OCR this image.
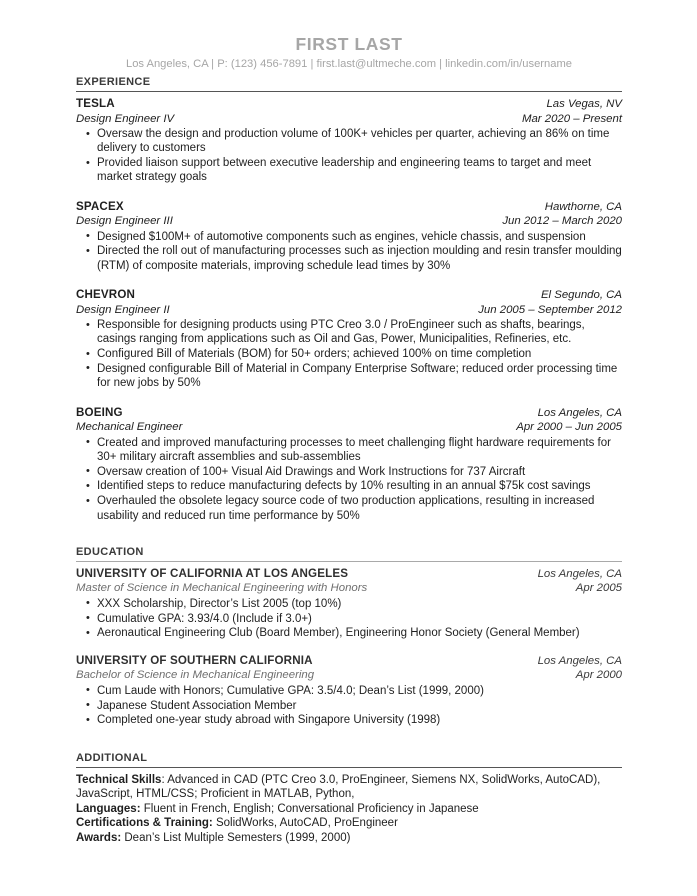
FIRST LAST
Los Angeles, CA | P: (123) 456-7891 | first.last@ultmeche.com | linkedin.com/in/username
EXPERIENCE
TESLA	Las Vegas, NV
Design Engineer IV	Mar 2020 – Present
• Oversaw the design and production volume of 100K+ vehicles per quarter, achieving an 86% on time delivery to customers
• Provided liaison support between executive leadership and engineering teams to target and meet market strategy goals
SPACEX	Hawthorne, CA
Design Engineer III	Jun 2012 – March 2020
• Designed $100M+ of automotive components such as engines, vehicle chassis, and suspension
• Directed the roll out of manufacturing processes such as injection moulding and resin transfer moulding (RTM) of composite materials, improving schedule lead times by 30%
CHEVRON	El Segundo, CA
Design Engineer II	Jun 2005 – September 2012
• Responsible for designing products using PTC Creo 3.0 / ProEngineer such as shafts, bearings, casings ranging from applications such as Oil and Gas, Power, Municipalities, Refineries, etc.
• Configured Bill of Materials (BOM) for 50+ orders; achieved 100% on time completion
• Designed configurable Bill of Material in Company Enterprise Software; reduced order processing time for new jobs by 50%
BOEING	Los Angeles, CA
Mechanical Engineer	Apr 2000 – Jun 2005
• Created and improved manufacturing processes to meet challenging flight hardware requirements for 30+ military aircraft assemblies and sub-assemblies
• Oversaw creation of 100+ Visual Aid Drawings and Work Instructions for 737 Aircraft
• Identified steps to reduce manufacturing defects by 10% resulting in an annual $75k cost savings
• Overhauled the obsolete legacy source code of two production applications, resulting in increased usability and reduced run time performance by 50%
EDUCATION
UNIVERSITY OF CALIFORNIA AT LOS ANGELES	Los Angeles, CA
Master of Science in Mechanical Engineering with Honors	Apr 2005
• XXX Scholarship, Director’s List 2005 (top 10%)
• Cumulative GPA: 3.93/4.0 (Include if 3.0+)
• Aeronautical Engineering Club (Board Member), Engineering Honor Society (General Member)
UNIVERSITY OF SOUTHERN CALIFORNIA	Los Angeles, CA
Bachelor of Science in Mechanical Engineering	Apr 2000
• Cum Laude with Honors; Cumulative GPA: 3.5/4.0; Dean’s List (1999, 2000)
• Japanese Student Association Member
• Completed one-year study abroad with Singapore University (1998)
ADDITIONAL
Technical Skills: Advanced in CAD (PTC Creo 3.0, ProEngineer, Siemens NX, SolidWorks, AutoCAD), JavaScript, HTML/CSS; Proficient in MATLAB, Python,
Languages: Fluent in French, English; Conversational Proficiency in Japanese
Certifications & Training: SolidWorks, AutoCAD, ProEngineer
Awards: Dean’s List Multiple Semesters (1999, 2000)
